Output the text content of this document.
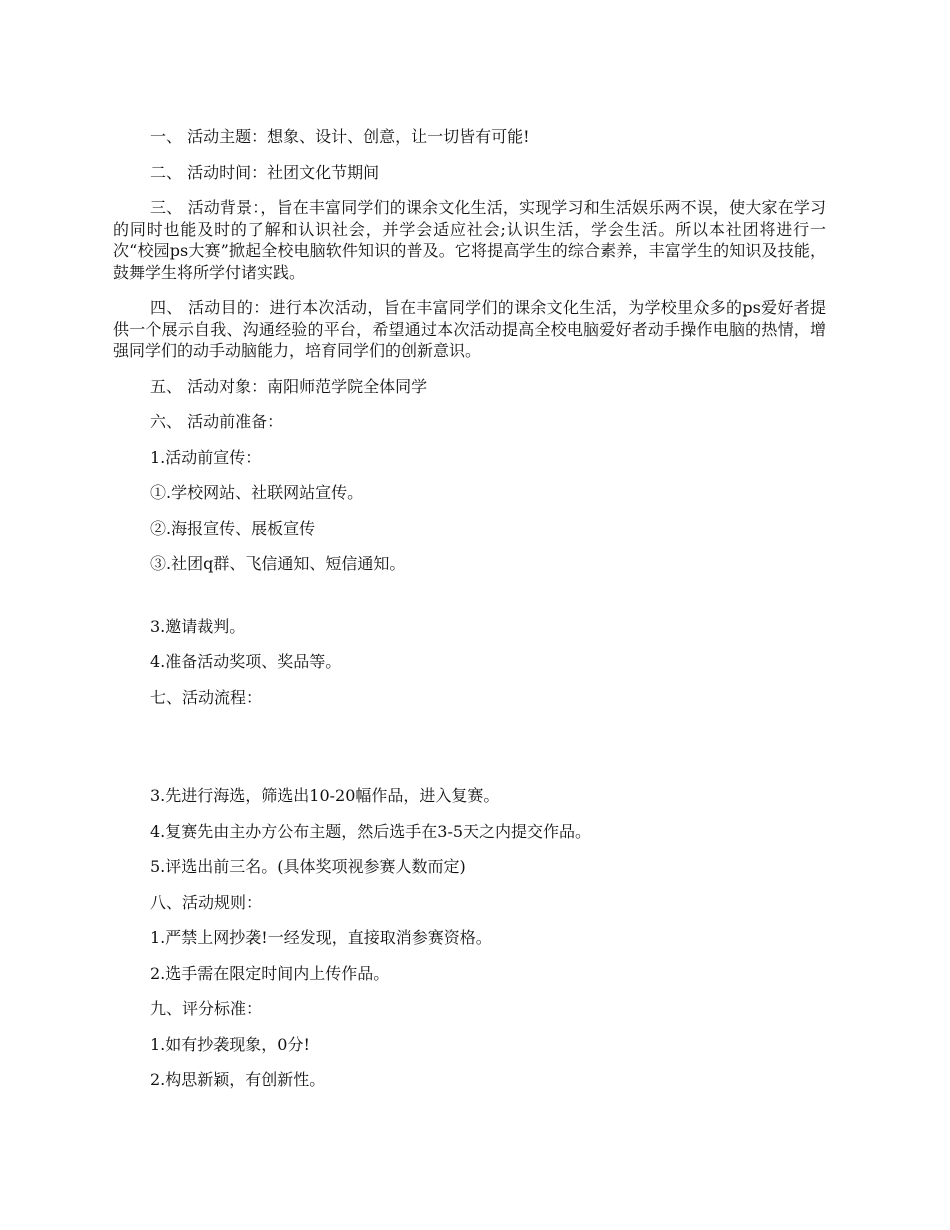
一、 活动主题：想象、设计、创意，让一切皆有可能!

二、 活动时间：社团文化节期间

三、 活动背景：，旨在丰富同学们的课余文化生活，实现学习和生活娱乐两不误，使大家在学习的同时也能及时的了解和认识社会，并学会适应社会;认识生活，学会生活。所以本社团将进行一次“校园ps大赛”掀起全校电脑软件知识的普及。它将提高学生的综合素养，丰富学生的知识及技能，鼓舞学生将所学付诸实践。

四、 活动目的：进行本次活动，旨在丰富同学们的课余文化生活，为学校里众多的ps爱好者提供一个展示自我、沟通经验的平台，希望通过本次活动提高全校电脑爱好者动手操作电脑的热情，增强同学们的动手动脑能力，培育同学们的创新意识。

五、 活动对象：南阳师范学院全体同学

六、 活动前准备：

1.活动前宣传：

①.学校网站、社联网站宣传。

②.海报宣传、展板宣传

③.社团q群、飞信通知、短信通知。

3.邀请裁判。

4.准备活动奖项、奖品等。

七、活动流程：

3.先进行海选，筛选出10-20幅作品，进入复赛。

4.复赛先由主办方公布主题，然后选手在3-5天之内提交作品。

5.评选出前三名。(具体奖项视参赛人数而定)

八、活动规则：

1.严禁上网抄袭!一经发现，直接取消参赛资格。

2.选手需在限定时间内上传作品。

九、评分标准：

1.如有抄袭现象，0分!

2.构思新颖，有创新性。
